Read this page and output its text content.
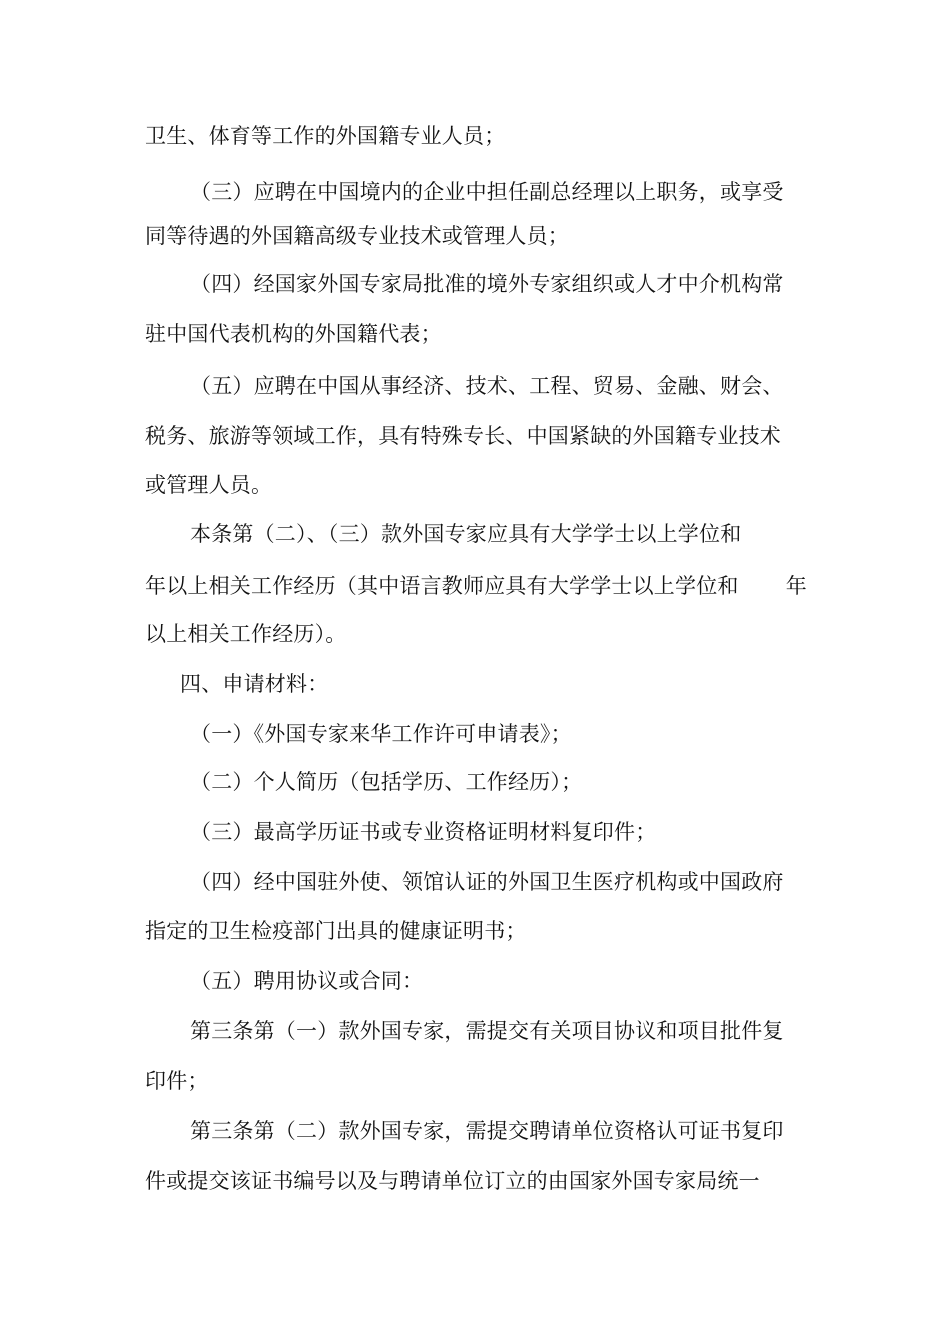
卫生、体育等工作的外国籍专业人员；
（三）应聘在中国境内的企业中担任副总经理以上职务，或享受
同等待遇的外国籍高级专业技术或管理人员；
（四）经国家外国专家局批准的境外专家组织或人才中介机构常
驻中国代表机构的外国籍代表；
（五）应聘在中国从事经济、技术、工程、贸易、金融、财会、
税务、旅游等领域工作，具有特殊专长、中国紧缺的外国籍专业技术
或管理人员。
本条第（二）、（三）款外国专家应具有大学学士以上学位和
年以上相关工作经历（其中语言教师应具有大学学士以上学位和 年
以上相关工作经历）。
四、申请材料：
（一）《外国专家来华工作许可申请表》；
（二）个人简历（包括学历、工作经历）；
（三）最高学历证书或专业资格证明材料复印件；
（四）经中国驻外使、领馆认证的外国卫生医疗机构或中国政府
指定的卫生检疫部门出具的健康证明书；
（五）聘用协议或合同：
第三条第（一）款外国专家，需提交有关项目协议和项目批件复
印件；
第三条第（二）款外国专家，需提交聘请单位资格认可证书复印
件或提交该证书编号以及与聘请单位订立的由国家外国专家局统一
